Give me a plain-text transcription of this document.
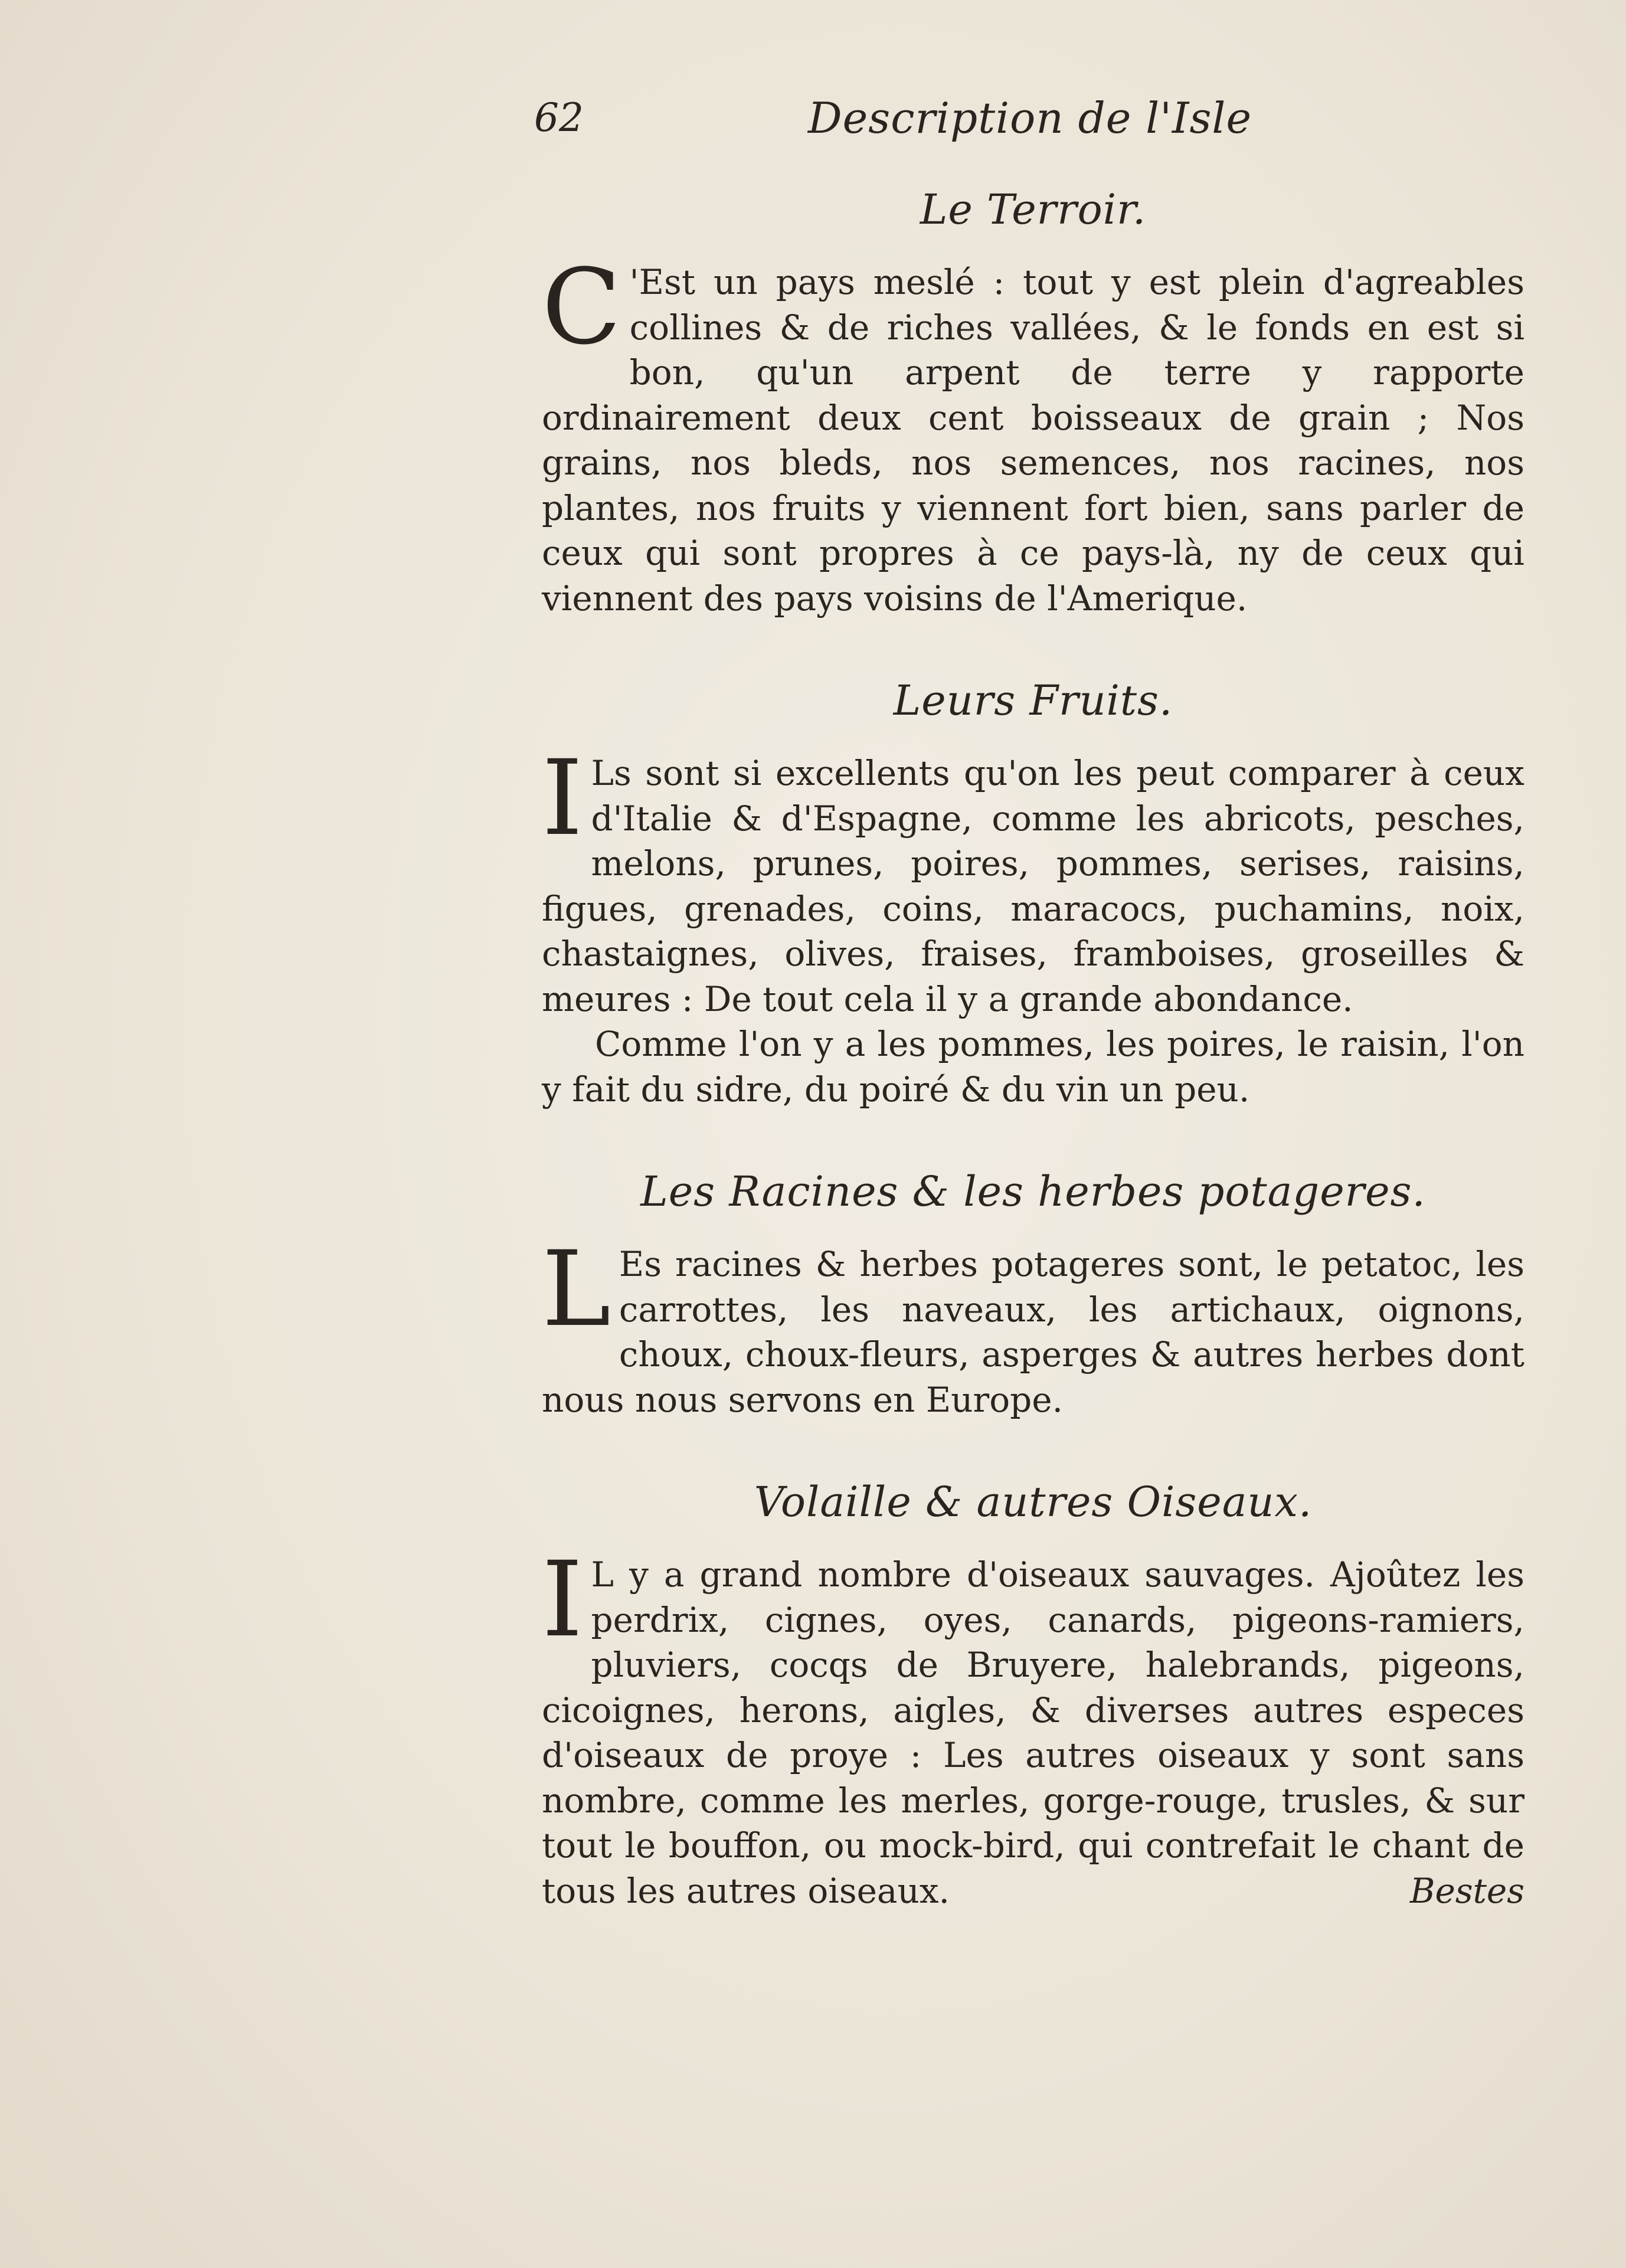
62	Description de l'Isle
Le Terroir.

C 'Est un pays meslé : tout y est plein d'agreables collines & de riches vallées, & le fonds en est si bon, qu'un arpent de terre y rapporte ordinairement deux cent boisseaux de grain ; Nos grains, nos bleds, nos semences, nos racines, nos plantes, nos fruits y viennent fort bien, sans parler de ceux qui sont propres à ce pays-là, ny de ceux qui viennent des pays voisins de l'Amerique.

Leurs Fruits.

I Ls sont si excellents qu'on les peut comparer à ceux d'Italie & d'Espagne, comme les abricots, pesches, melons, prunes, poires, pommes, serises, raisins, figues, grenades, coins, maracocs, puchamins, noix, chastaignes, olives, fraises, framboises, groseilles & meures : De tout cela il y a grande abondance.

Comme l'on y a les pommes, les poires, le raisin, l'on y fait du sidre, du poiré & du vin un peu.

Les Racines & les herbes potageres.

L Es racines & herbes potageres sont, le petatoc, les carrottes, les naveaux, les artichaux, oignons, choux, choux-fleurs, asperges & autres herbes dont nous nous servons en Europe.

Volaille & autres Oiseaux.

I L y a grand nombre d'oiseaux sauvages. Ajoûtez les perdrix, cignes, oyes, canards, pigeons-ramiers, pluviers, cocqs de Bruyere, halebrands, pigeons, cicoignes, herons, aigles, & diverses autres especes d'oiseaux de proye : Les autres oiseaux y sont sans nombre, comme les merles, gorge-rouge, trusles, & sur tout le bouffon, ou mock-bird, qui contrefait le chant de tous les autres oiseaux.	Bestes
